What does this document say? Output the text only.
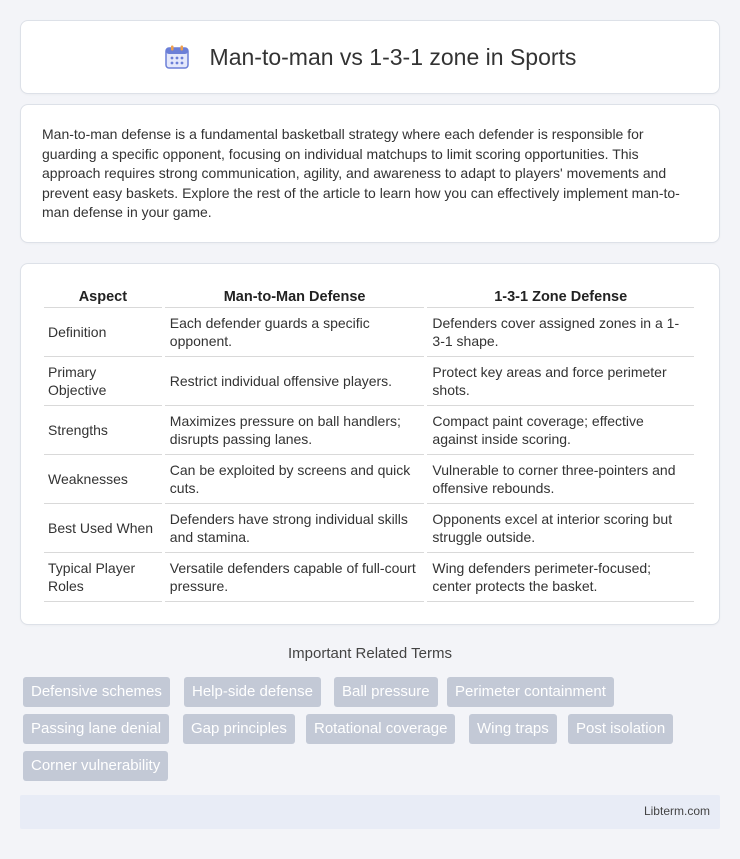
Man-to-man vs 1-3-1 zone in Sports

Man-to-man defense is a fundamental basketball strategy where each defender is responsible for guarding a specific opponent, focusing on individual matchups to limit scoring opportunities. This approach requires strong communication, agility, and awareness to adapt to players' movements and prevent easy baskets. Explore the rest of the article to learn how you can effectively implement man-to-man defense in your game.

Aspect	Man-to-Man Defense	1-3-1 Zone Defense
Definition	Each defender guards a specific opponent.	Defenders cover assigned zones in a 1-3-1 shape.
Primary Objective	Restrict individual offensive players.	Protect key areas and force perimeter shots.
Strengths	Maximizes pressure on ball handlers; disrupts passing lanes.	Compact paint coverage; effective against inside scoring.
Weaknesses	Can be exploited by screens and quick cuts.	Vulnerable to corner three-pointers and offensive rebounds.
Best Used When	Defenders have strong individual skills and stamina.	Opponents excel at interior scoring but struggle outside.
Typical Player Roles	Versatile defenders capable of full-court pressure.	Wing defenders perimeter-focused; center protects the basket.
Important Related Terms
Defensive schemes	Help-side defense	Ball pressure	Perimeter containment
Passing lane denial	Gap principles	Rotational coverage	Wing traps	Post isolation
Corner vulnerability
Libterm.com
